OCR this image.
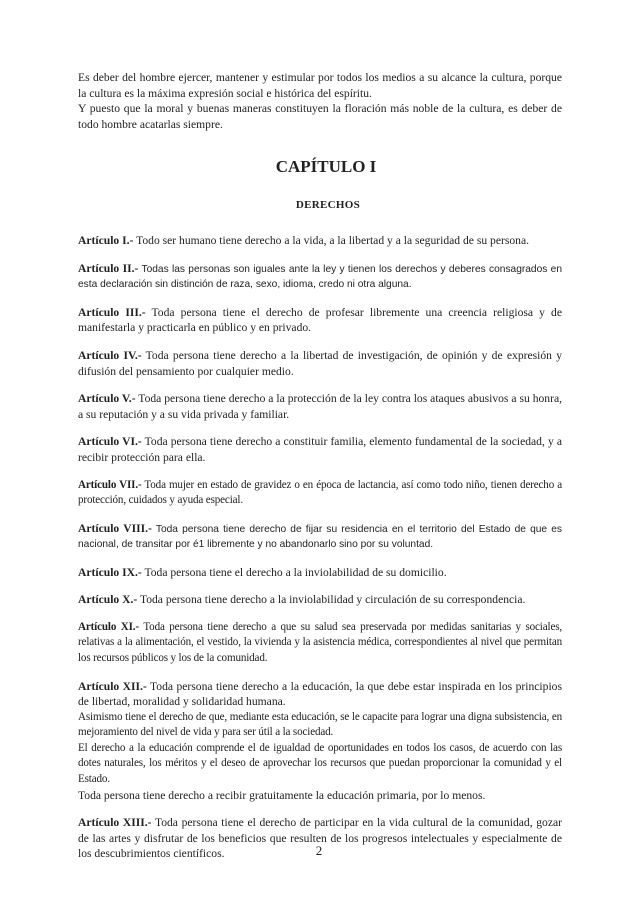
Es deber del hombre ejercer, mantener y estimular por todos los medios a su alcance la cultura, porque la cultura es la máxima expresión social e histórica del espíritu.

Y puesto que la moral y buenas maneras constituyen la floración más noble de la cultura, es deber de todo hombre acatarlas siempre.

CAPÍTULO I
DERECHOS

Artículo I.- Todo ser humano tiene derecho a la vida, a la libertad y a la seguridad de su persona.

Artículo II.- Todas las personas son iguales ante la ley y tienen los derechos y deberes consagrados en esta declaración sin distinción de raza, sexo, idioma, credo ni otra alguna.

Artículo III.- Toda persona tiene el derecho de profesar libremente una creencia religiosa y de manifestarla y practicarla en público y en privado.

Artículo IV.- Toda persona tiene derecho a la libertad de investigación, de opinión y de expresión y difusión del pensamiento por cualquier medio.

Artículo V.- Toda persona tiene derecho a la protección de la ley contra los ataques abusivos a su honra, a su reputación y a su vida privada y familiar.

Artículo VI.- Toda persona tiene derecho a constituir familia, elemento fundamental de la sociedad, y a recibir protección para ella.

Artículo VII.- Toda mujer en estado de gravidez o en época de lactancia, así como todo niño, tienen derecho a protección, cuidados y ayuda especial.

Artículo VIII.- Toda persona tiene derecho de fijar su residencia en el territorio del Estado de que es nacional, de transitar por é1 libremente y no abandonarlo sino por su voluntad.

Artículo IX.- Toda persona tiene el derecho a la inviolabilidad de su domicilio.

Artículo X.- Toda persona tiene derecho a la inviolabilidad y circulación de su correspondencia.

Artículo XI.- Toda persona tiene derecho a que su salud sea preservada por medidas sanitarias y sociales, relativas a la alimentación, el vestido, la vivienda y la asistencia médica, correspondientes al nivel que permitan los recursos públicos y los de la comunidad.

Artículo XII.- Toda persona tiene derecho a la educación, la que debe estar inspirada en los principios de libertad, moralidad y solidaridad humana.

Asimismo tiene el derecho de que, mediante esta educación, se le capacite para lograr una digna subsistencia, en mejoramiento del nivel de vida y para ser útil a la sociedad.

El derecho a la educación comprende el de igualdad de oportunidades en todos los casos, de acuerdo con las dotes naturales, los méritos y el deseo de aprovechar los recursos que puedan proporcionar la comunidad y el Estado.

Toda persona tiene derecho a recibir gratuitamente la educación primaria, por lo menos.

Artículo XIII.- Toda persona tiene el derecho de participar en la vida cultural de la comunidad, gozar de las artes y disfrutar de los beneficios que resulten de los progresos intelectuales y especialmente de los descubrimientos científicos.	2
